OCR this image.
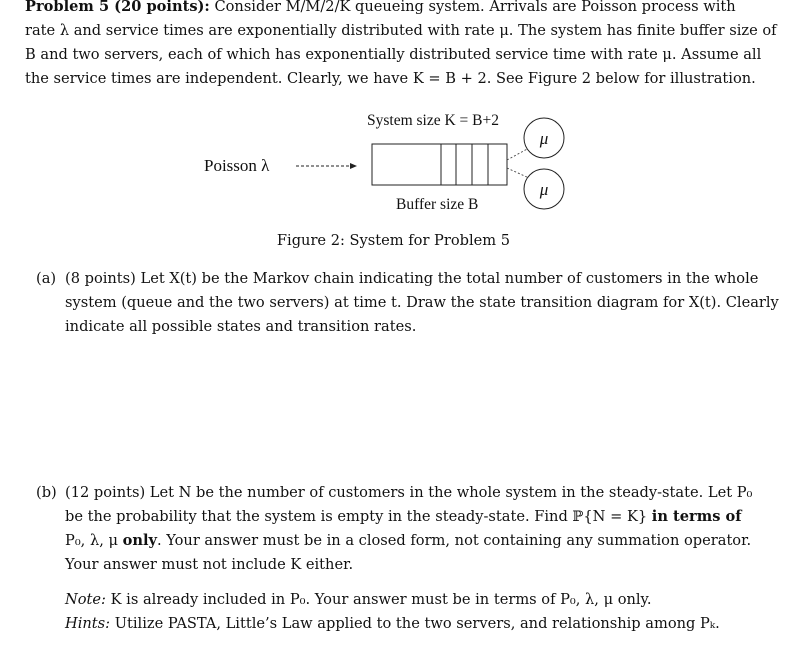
Problem 5 (20 points): Consider M/M/2/K queueing system. Arrivals are Poisson process with
rate λ and service times are exponentially distributed with rate μ. The system has finite buffer size of
B and two servers, each of which has exponentially distributed service time with rate μ. Assume all
the service times are independent. Clearly, we have K = B + 2. See Figure 2 below for illustration.
System size K = B+2
Poisson λ
μ
μ
Buffer size B
Figure 2: System for Problem 5
(a) (8 points) Let X(t) be the Markov chain indicating the total number of customers in the whole
system (queue and the two servers) at time t. Draw the state transition diagram for X(t). Clearly
indicate all possible states and transition rates.
(b) (12 points) Let N be the number of customers in the whole system in the steady-state. Let P₀
be the probability that the system is empty in the steady-state. Find ℙ{N = K} in terms of
P₀, λ, μ only. Your answer must be in a closed form, not containing any summation operator.
Your answer must not include K either.
Note: K is already included in P₀. Your answer must be in terms of P₀, λ, μ only.
Hints: Utilize PASTA, Little’s Law applied to the two servers, and relationship among Pₖ.
